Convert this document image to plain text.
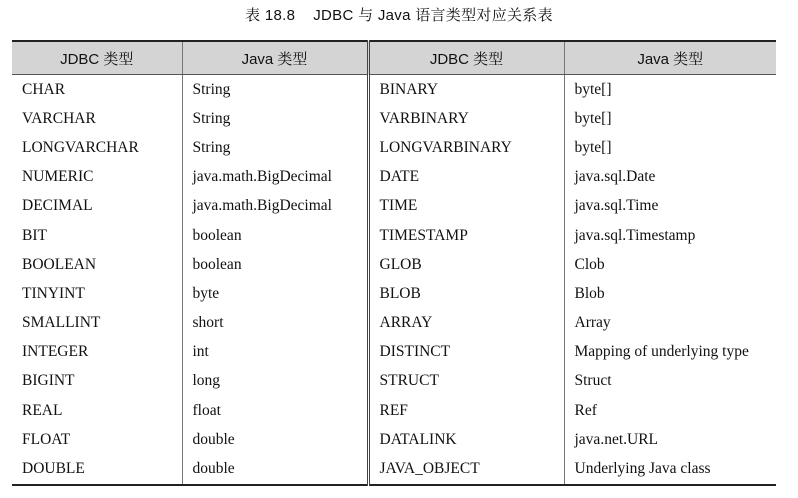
表 18.8 JDBC 与 Java 语言类型对应关系表
JDBC 类型	Java 类型	JDBC 类型	Java 类型
CHAR	String	BINARY	byte[]
VARCHAR	String	VARBINARY	byte[]
LONGVARCHAR	String	LONGVARBINARY	byte[]
NUMERIC	java.math.BigDecimal	DATE	java.sql.Date
DECIMAL	java.math.BigDecimal	TIME	java.sql.Time
BIT	boolean	TIMESTAMP	java.sql.Timestamp
BOOLEAN	boolean	GLOB	Clob
TINYINT	byte	BLOB	Blob
SMALLINT	short	ARRAY	Array
INTEGER	int	DISTINCT	Mapping of underlying type
BIGINT	long	STRUCT	Struct
REAL	float	REF	Ref
FLOAT	double	DATALINK	java.net.URL
DOUBLE	double	JAVA_OBJECT	Underlying Java class
